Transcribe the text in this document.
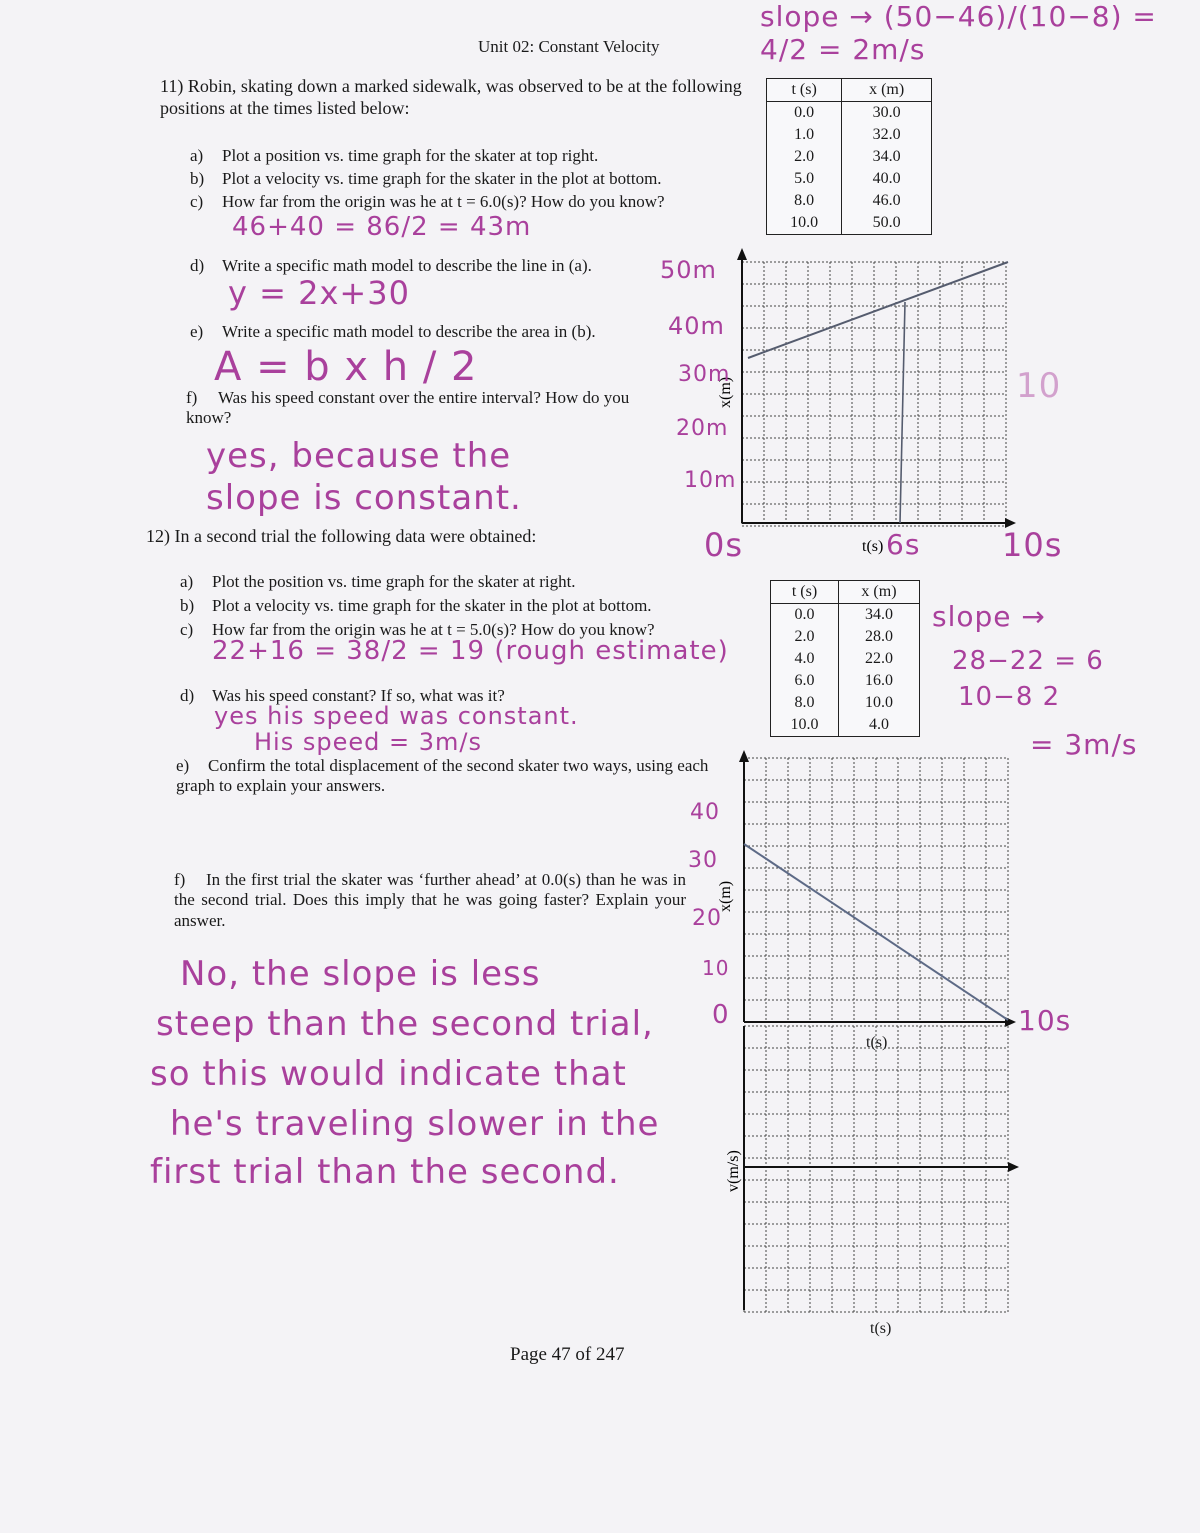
slope → (50−46)/(10−8) = 4/2 = 2m/s
Unit 02: Constant Velocity
11) Robin, skating down a marked sidewalk, was observed to be at the following positions at the times listed below:
a) Plot a position vs. time graph for the skater at top right.
b) Plot a velocity vs. time graph for the skater in the plot at bottom.
c) How far from the origin was he at t = 6.0(s)? How do you know?
46+40 = 86/2 = 43m
d) Write a specific math model to describe the line in (a).
y = 2x+30
e) Write a specific math model to describe the area in (b).
A = b x h / 2
f) Was his speed constant over the entire interval? How do you know?
yes, because the
slope is constant.
t (s)	x (m)
0.0	30.0
1.0	32.0
2.0	34.0
5.0	40.0
8.0	46.0
10.0	50.0
x(m)
t(s)
50m
40m
30m
20m
10m
0s	6s	10s
10
12) In a second trial the following data were obtained:
a) Plot the position vs. time graph for the skater at right.
b) Plot a velocity vs. time graph for the skater in the plot at bottom.
c) How far from the origin was he at t = 5.0(s)? How do you know?
22+16 = 38/2 = 19 (rough estimate)
d) Was his speed constant? If so, what was it?
yes his speed was constant.
His speed = 3m/s
e) Confirm the total displacement of the second skater two ways, using each graph to explain your answers.
f) In the first trial the skater was ‘further ahead’ at 0.0(s) than he was in the second trial. Does this imply that he was going faster? Explain your answer.
No, the slope is less
steep than the second trial,
so this would indicate that
he's traveling slower in the
first trial than the second.
t (s)	x (m)
0.0	34.0
2.0	28.0
4.0	22.0
6.0	16.0
8.0	10.0
10.0	4.0
slope →
28−22 = 6
10−8 2
= 3m/s
x(m)
40
30
20
10
0	10s
t(s)
v(m/s)
t(s)
Page 47 of 247
